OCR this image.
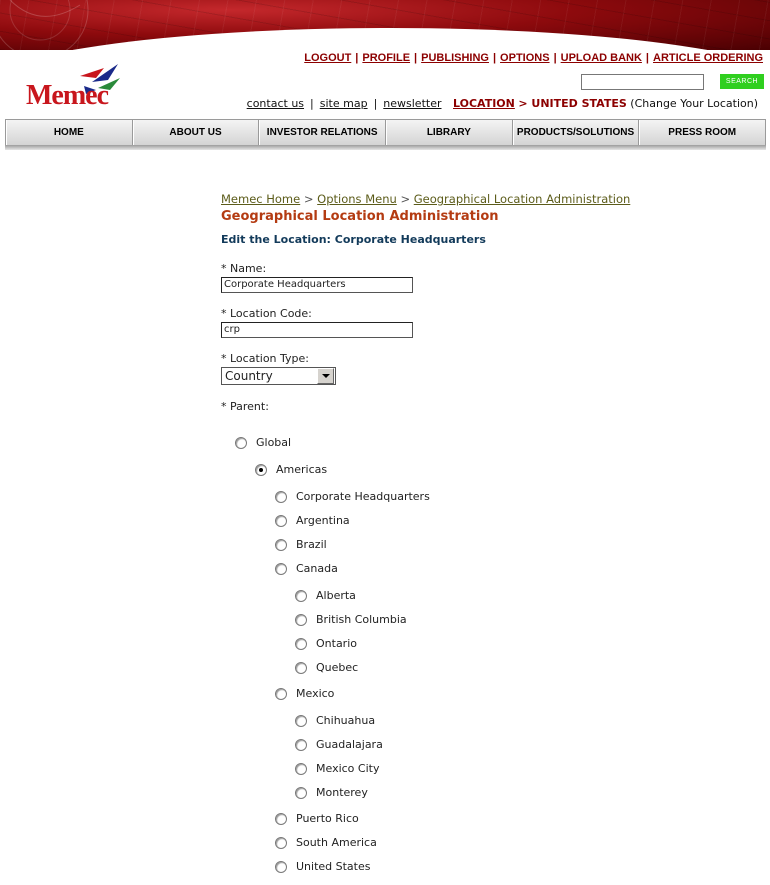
Memec
LOGOUT | PROFILE | PUBLISHING | OPTIONS | UPLOAD BANK | ARTICLE ORDERING
SEARCH
contact us | site map | newsletter LOCATION > UNITED STATES (Change Your Location)
HOME	ABOUT US	INVESTOR RELATIONS	LIBRARY	PRODUCTS/SOLUTIONS	PRESS ROOM
Memec Home > Options Menu > Geographical Location Administration
Geographical Location Administration
Edit the Location: Corporate Headquarters
* Name:
Corporate Headquarters
* Location Code:
crp
* Location Type:
Country
* Parent:
Global
Americas
Corporate Headquarters
Argentina
Brazil
Canada
Alberta
British Columbia
Ontario
Quebec
Mexico
Chihuahua
Guadalajara
Mexico City
Monterey
Puerto Rico
South America
United States
